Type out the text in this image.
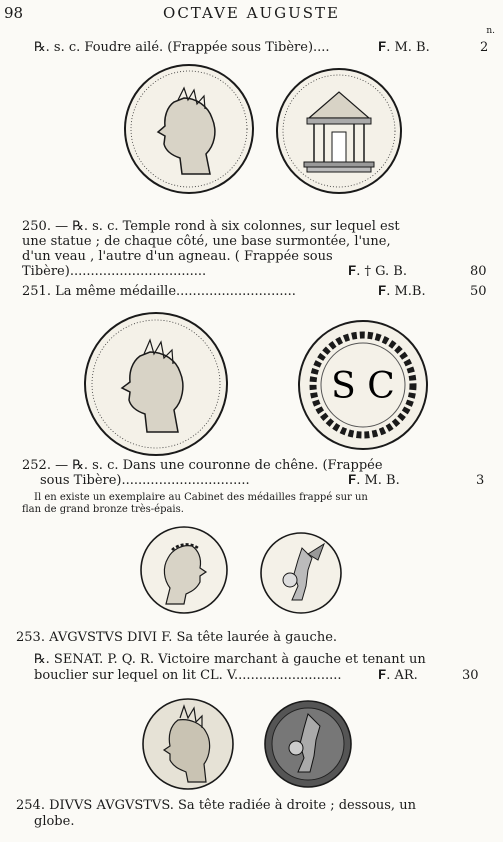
98	OCTAVE AUGUSTE
n.
℞. s. c. Foudre ailé. (Frappée sous Tibère)....	𝐅. M. B.	2
250. — ℞. s. c. Temple rond à six colonnes, sur lequel est
une statue ; de chaque côté, une base surmontée, l'une,
d'un veau , l'autre d'un agneau. ( Frappée sous
Tibère).................................	𝐅. † G. B.	80
251. La même médaille.............................	𝐅. M.B.	50
S C
252. — ℞. s. c. Dans une couronne de chêne. (Frappée
sous Tibère)...............................	𝐅. M. B.	3
Il en existe un exemplaire au Cabinet des médailles frappé sur un
flan de grand bronze très-épais.
253. AVGVSTVS DIVI F. Sa tête laurée à gauche.
℞. SENAT. P. Q. R. Victoire marchant à gauche et tenant un
bouclier sur lequel on lit CL. V..........................	𝐅. AR.	30
254. DIVVS AVGVSTVS. Sa tête radiée à droite ; dessous, un
globe.
